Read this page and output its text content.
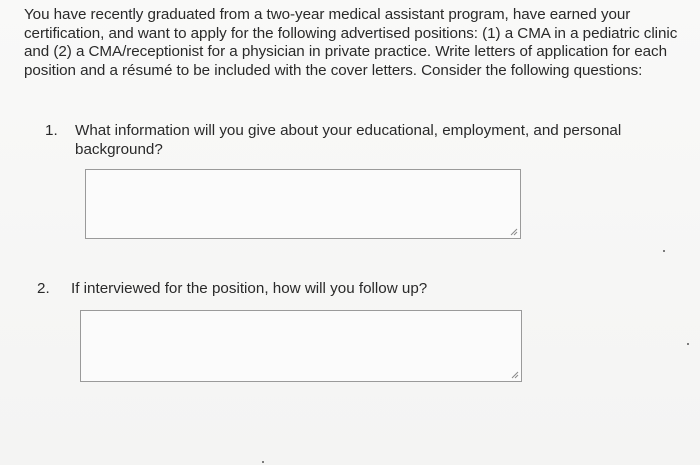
You have recently graduated from a two-year medical assistant program, have earned your certification, and want to apply for the following advertised positions: (1) a CMA in a pediatric clinic and (2) a CMA/receptionist for a physician in private practice. Write letters of application for each position and a résumé to be included with the cover letters. Consider the following questions:
1. What information will you give about your educational, employment, and personal background?
2. If interviewed for the position, how will you follow up?
